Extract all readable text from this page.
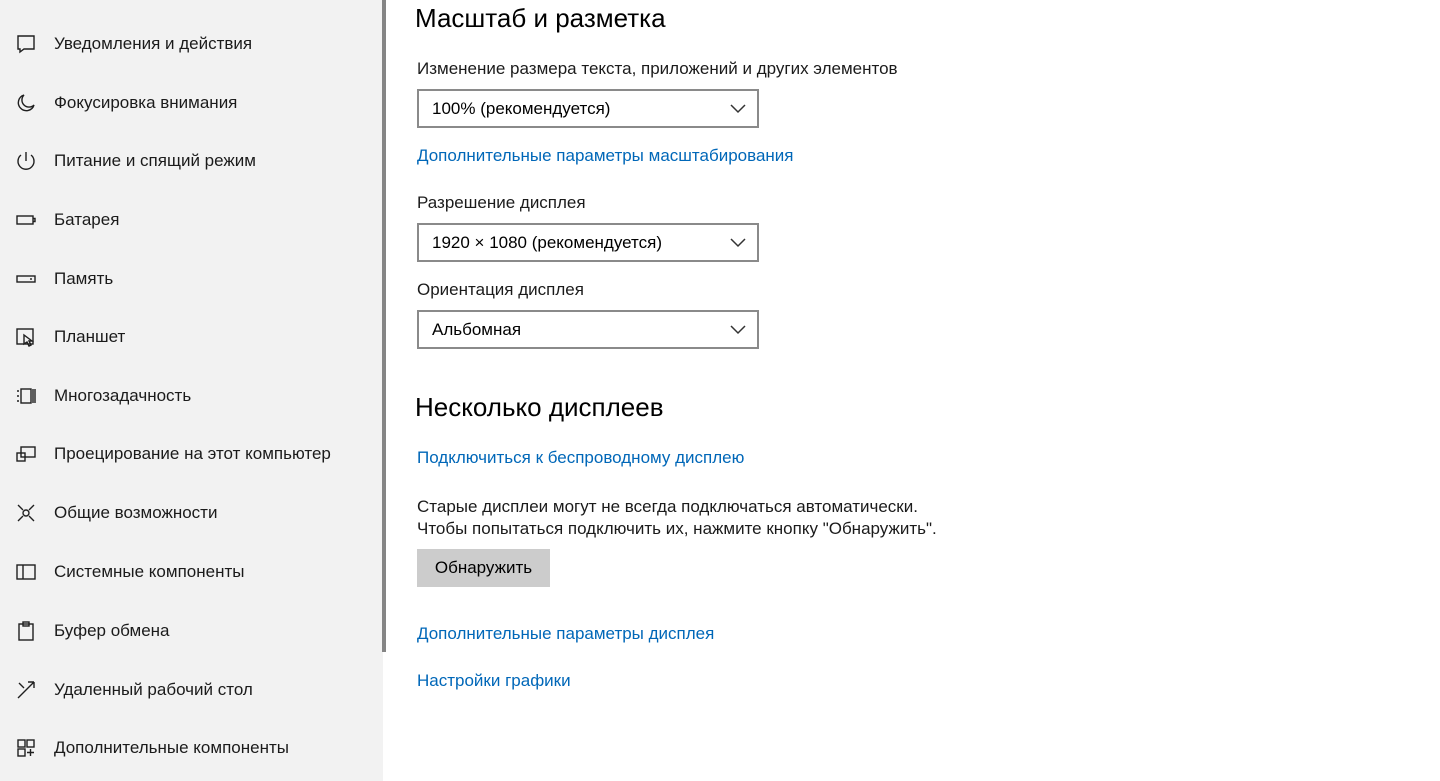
Уведомления и действия
Фокусировка внимания
Питание и спящий режим
Батарея
Память
Планшет
Многозадачность
Проецирование на этот компьютер
Общие возможности
Системные компоненты
Буфер обмена
Удаленный рабочий стол
Дополнительные компоненты
Масштаб и разметка
Изменение размера текста, приложений и других элементов
100% (рекомендуется)
Дополнительные параметры масштабирования
Разрешение дисплея
1920 × 1080 (рекомендуется)
Ориентация дисплея
Альбомная
Несколько дисплеев
Подключиться к беспроводному дисплею
Старые дисплеи могут не всегда подключаться автоматически.
Чтобы попытаться подключить их, нажмите кнопку "Обнаружить".
Обнаружить
Дополнительные параметры дисплея
Настройки графики
